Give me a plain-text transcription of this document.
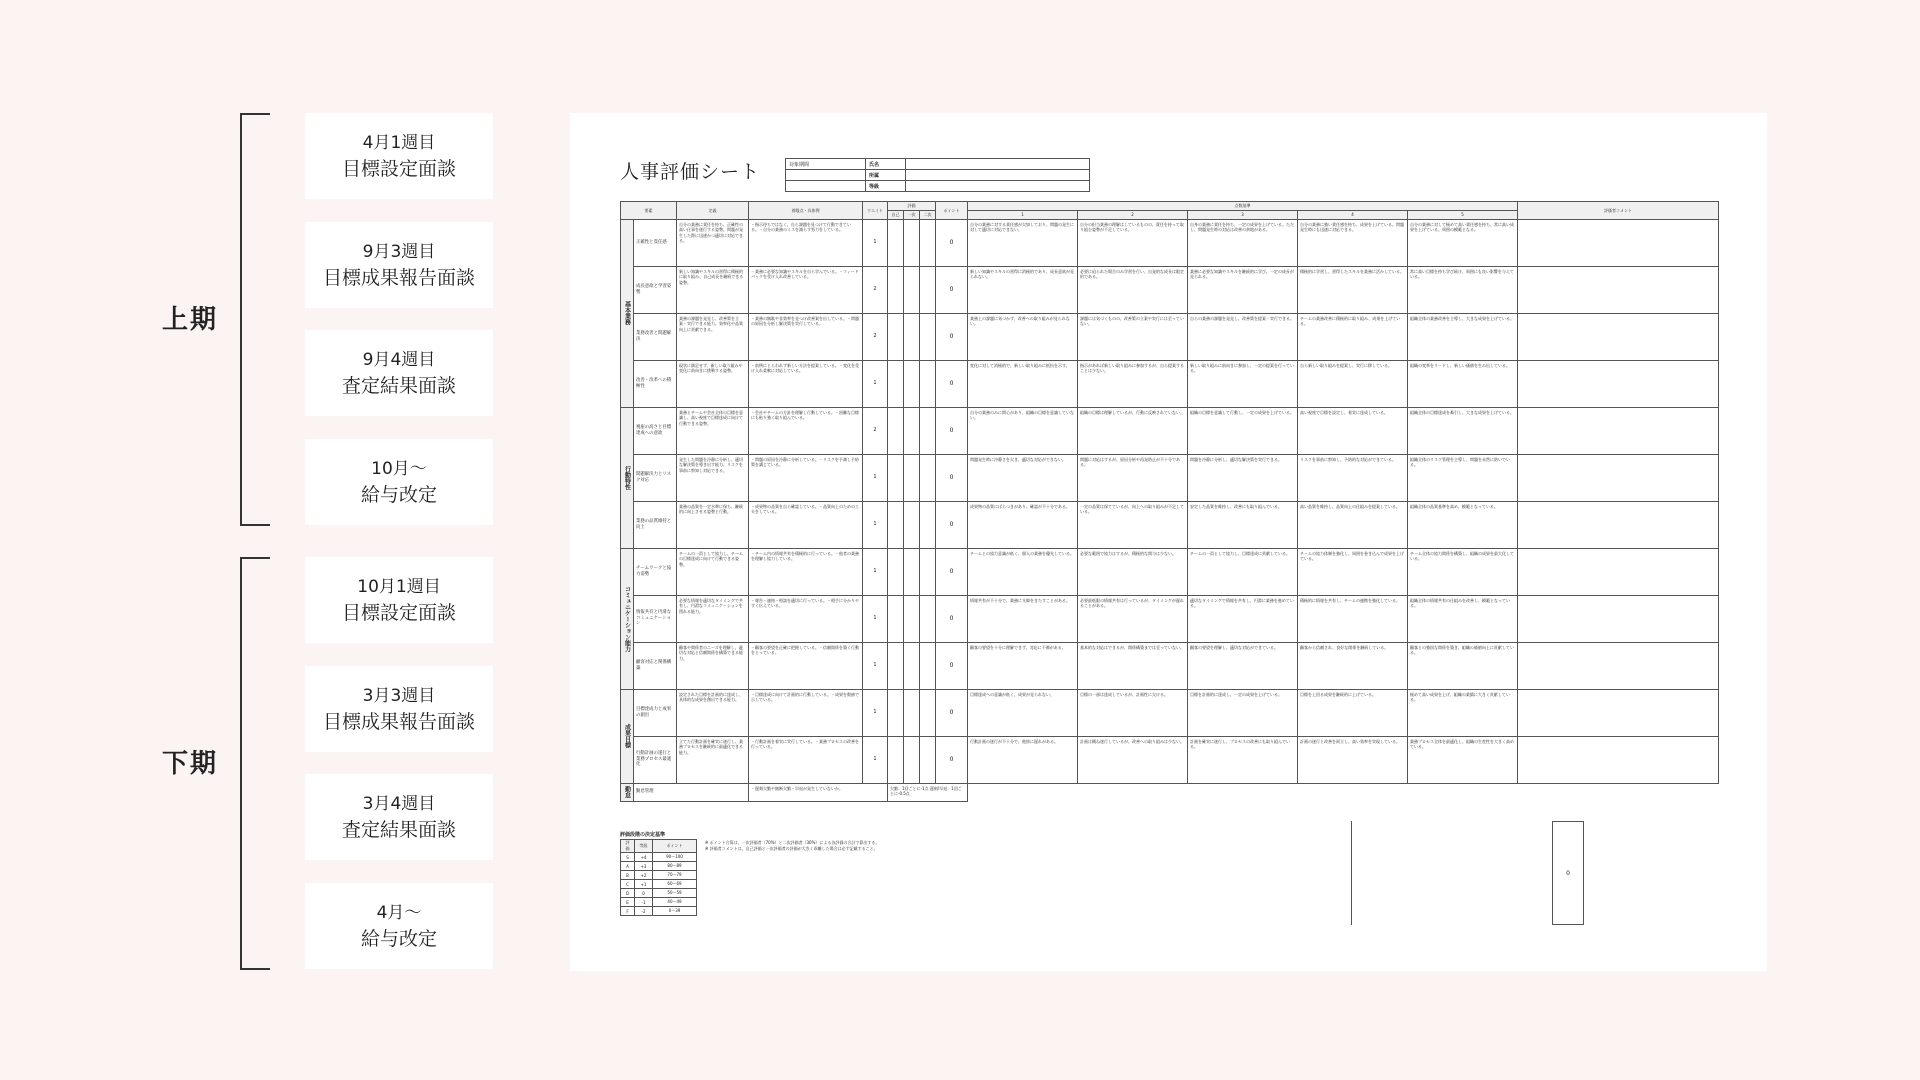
上期
下期
4月1週目
目標設定面談
9月3週目
目標成果報告面談
9月4週目
査定結果面談
10月〜
給与改定
10月1週目
目標設定面談
3月3週目
目標成果報告面談
3月4週目
査定結果面談
4月〜
給与改定
人事評価シート	対象期間	氏名	
	所属	
	等級	
要素		定義	着眼点・具体例	ウエイト	評価			ポイント	点数基準					評価者コメント
					自己	一次	二次		1	2	3	4	5	
基本業務	正確性と責任感	自分の業務に責任を持ち、正確性の高い仕事を遂行する姿勢。問題が発生した際に迅速かつ適切に対応できる。	・指示待ちではなく、自ら課題を見つけて行動できている。・自分の業務のミスを減らす努力をしている。	1				0	自分の業務に対する責任感が欠如しており、問題の発生に対して適切に対応できない。	自分の担当業務の理解はしているものの、責任を持って取り組む姿勢が不足している。	自身の業務に責任を持ち、一定の成果を上げている。ただし、問題発生時の対応は改善の余地がある。	自分の業務に強い責任感を持ち、成果を上げている。問題発生時にも迅速に対応できる。	自分の業務に対して極めて高い責任感を持ち、常に高い成果を上げている。周囲の模範となる。	
	成長意欲と学習姿勢	新しい知識やスキルの習得に積極的に取り組み、自己成長を継続できる姿勢。	・業務に必要な知識やスキルを自ら学んでいる。・フィードバックを受け入れ改善している。	2				0	新しい知識やスキルの習得に消極的であり、成長意欲が見られない。	必要に迫られた場合のみ学習を行い、自発的な成長は限定的である。	業務に必要な知識やスキルを継続的に学び、一定の成長が見られる。	積極的に学習し、習得したスキルを業務に活かしている。	常に高い目標を持ち学び続け、周囲にも良い影響を与えている。	
	業務改善と問題解決	業務の課題を発見し、改善策を立案・実行できる能力。効率化や品質向上に貢献できる。	・業務の無駄や非効率を見つけ改善案を出している。・問題の原因を分析し解決策を実行している。	2				0	業務上の課題に気づかず、改善への取り組みが見られない。	課題には気づくものの、改善策の立案や実行には至っていない。	自らの業務の課題を発見し、改善策を提案・実行できる。	チームの業務改善に積極的に取り組み、成果を上げている。	組織全体の業務改善を主導し、大きな成果を上げている。	
	改善・改革への積極性	現状に満足せず、新しい取り組みや変化に前向きに挑戦する姿勢。	・前例にとらわれず新しい方法を提案している。・変化を受け入れ柔軟に対応している。	1				0	変化に対して消極的で、新しい取り組みに抵抗を示す。	指示があれば新しい取り組みに参加するが、自ら提案することは少ない。	新しい取り組みに前向きに参加し、一定の提案を行っている。	自ら新しい取り組みを提案し、実行に移している。	組織の変革をリードし、新しい価値を生み出している。	
行動特性	視座の高さと目標達成への意欲	業務とチームや会社全体の目標を意識し、高い視座で目標達成に向けて行動できる姿勢。	・会社やチームの方針を理解し行動している。・困難な目標にも粘り強く取り組んでいる。	2				0	自分の業務のみに関心があり、組織の目標を意識していない。	組織の目標は理解しているが、行動に反映されていない。	組織の目標を意識して行動し、一定の成果を上げている。	高い視座で目標を設定し、着実に達成している。	組織全体の目標達成を牽引し、大きな成果を上げている。	
	問題解決力とリスク対応	発生した問題を冷静に分析し、適切な解決策を導き出す能力。リスクを事前に察知し対応できる。	・問題の原因を冷静に分析している。・リスクを予測し予防策を講じている。	1				0	問題発生時に冷静さを欠き、適切な対応ができない。	問題に対応はするが、原因分析や再発防止が不十分である。	問題を冷静に分析し、適切な解決策を実行できる。	リスクを事前に察知し、予防的な対応ができている。	組織全体のリスク管理を主導し、問題を未然に防いでいる。	
	業務の品質維持と向上	業務の品質を一定水準に保ち、継続的に向上させる姿勢と行動。	・成果物の品質を自ら確認している。・品質向上のための工夫をしている。	1				0	成果物の品質にばらつきがあり、確認が不十分である。	一定の品質は保てているが、向上への取り組みが不足している。	安定した品質を維持し、改善にも取り組んでいる。	高い品質を維持し、品質向上の仕組みを提案している。	組織全体の品質基準を高め、模範となっている。	
コミュニケーション能力	チームワークと協力姿勢	チームの一員として協力し、チームの目標達成に向けて行動できる姿勢。	・チーム内の情報共有を積極的に行っている。・他者の業務を理解し協力している。	1				0	チームとの協力意識が低く、個人の業務を優先している。	必要な範囲で協力はするが、積極的な関与は少ない。	チームの一員として協力し、目標達成に貢献している。	チームの協力体制を強化し、周囲を巻き込んで成果を上げている。	チーム全体の協力関係を構築し、組織の成果を最大化している。	
	情報共有と円滑なコミュニケーション	必要な情報を適切なタイミングで共有し、円滑なコミュニケーションを図れる能力。	・報告・連絡・相談を適切に行っている。・相手に分かりやすく伝えている。	1				0	情報共有が不十分で、業務に支障をきたすことがある。	必要最低限の情報共有は行っているが、タイミングが遅れることがある。	適切なタイミングで情報を共有し、円滑に業務を進めている。	積極的に情報を共有し、チームの連携を強化している。	組織全体の情報共有の仕組みを改善し、模範となっている。	
	顧客対応と関係構築	顧客や関係者のニーズを理解し、適切な対応と信頼関係を構築できる能力。	・顧客の要望を正確に把握している。・信頼関係を築く行動をとっている。	1				0	顧客の要望を十分に理解できず、対応に不備がある。	基本的な対応はできるが、関係構築までは至っていない。	顧客の要望を理解し、適切な対応ができている。	顧客から信頼され、良好な関係を継続している。	顧客との強固な関係を築き、組織の価値向上に貢献している。	
成果目標	目標達成力と成果の創出	設定された目標を計画的に達成し、具体的な成果を創出できる能力。	・目標達成に向けて計画的に行動している。・成果を数値で示している。	1				0	目標達成への意識が低く、成果が見られない。	目標の一部は達成しているが、計画性に欠ける。	目標を計画的に達成し、一定の成果を上げている。	目標を上回る成果を継続的に上げている。	極めて高い成果を上げ、組織の業績に大きく貢献している。	
	行動計画の遂行と業務プロセス最適化	立てた行動計画を確実に遂行し、業務プロセスを継続的に最適化できる能力。	・行動計画を着実に実行している。・業務プロセスの改善を行っている。	1				0	行動計画の遂行が不十分で、進捗に遅れがある。	計画は概ね遂行しているが、改善への取り組みは少ない。	計画を確実に遂行し、プロセスの改善にも取り組んでいる。	計画の遂行と改善を両立し、高い効率を実現している。	業務プロセス全体を最適化し、組織の生産性を大きく高めている。	
勤怠	勤怠管理		・遅刻欠勤や無断欠勤・早退が発生していないか。		欠勤：1回ごとに-1点 遅刻/早退：1回ごとに-0.5点									
評価段階の決定基準
評価	等級	ポイント
S	+4	90〜100
A	+3	80〜89
B	+2	70〜79
C	+1	60〜69
D	0	50〜59
E	-1	40〜49
F	-2	0〜39
※ ポイント合算は、一次評価者（70%）と二次評価者（30%）による各評価の合計で算出する。
※ 評価者コメントは、自己評価と一次評価者の評価が大きく乖離した場合は必ず記載すること。
0
